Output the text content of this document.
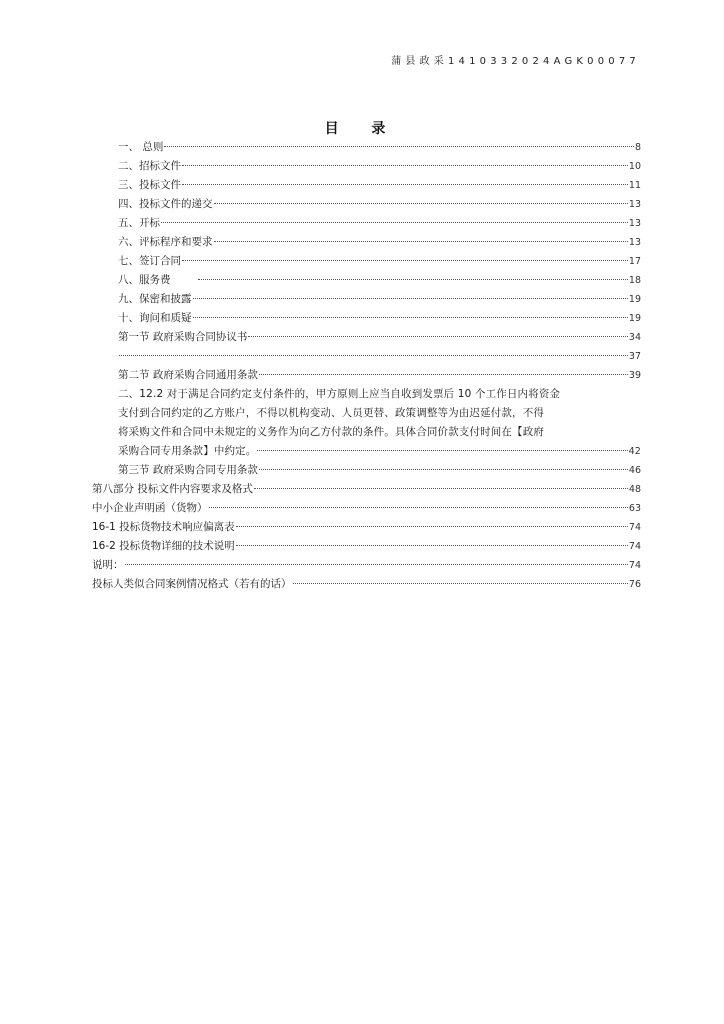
蒲县政采1410332024AGK00077
目 录
一、 总则	8
二、招标文件	10
三、投标文件	11
四、投标文件的递交	13
五、开标	13
六、评标程序和要求	13
七、签订合同	17
八、服务费	18
九、保密和披露	19
十、询问和质疑	19
第一节 政府采购合同协议书	34
37
第二节 政府采购合同通用条款	39
二、12.2 对于满足合同约定支付条件的，甲方原则上应当自收到发票后 10 个工作日内将资金
支付到合同约定的乙方账户，不得以机构变动、人员更替、政策调整等为由迟延付款，不得
将采购文件和合同中未规定的义务作为向乙方付款的条件。具体合同价款支付时间在【政府
采购合同专用条款】中约定。	42
第三节 政府采购合同专用条款	46
第八部分 投标文件内容要求及格式	48
中小企业声明函（货物）	63
16-1 投标货物技术响应偏离表	74
16-2 投标货物详细的技术说明	74
说明：	74
投标人类似合同案例情况格式（若有的话）	76
